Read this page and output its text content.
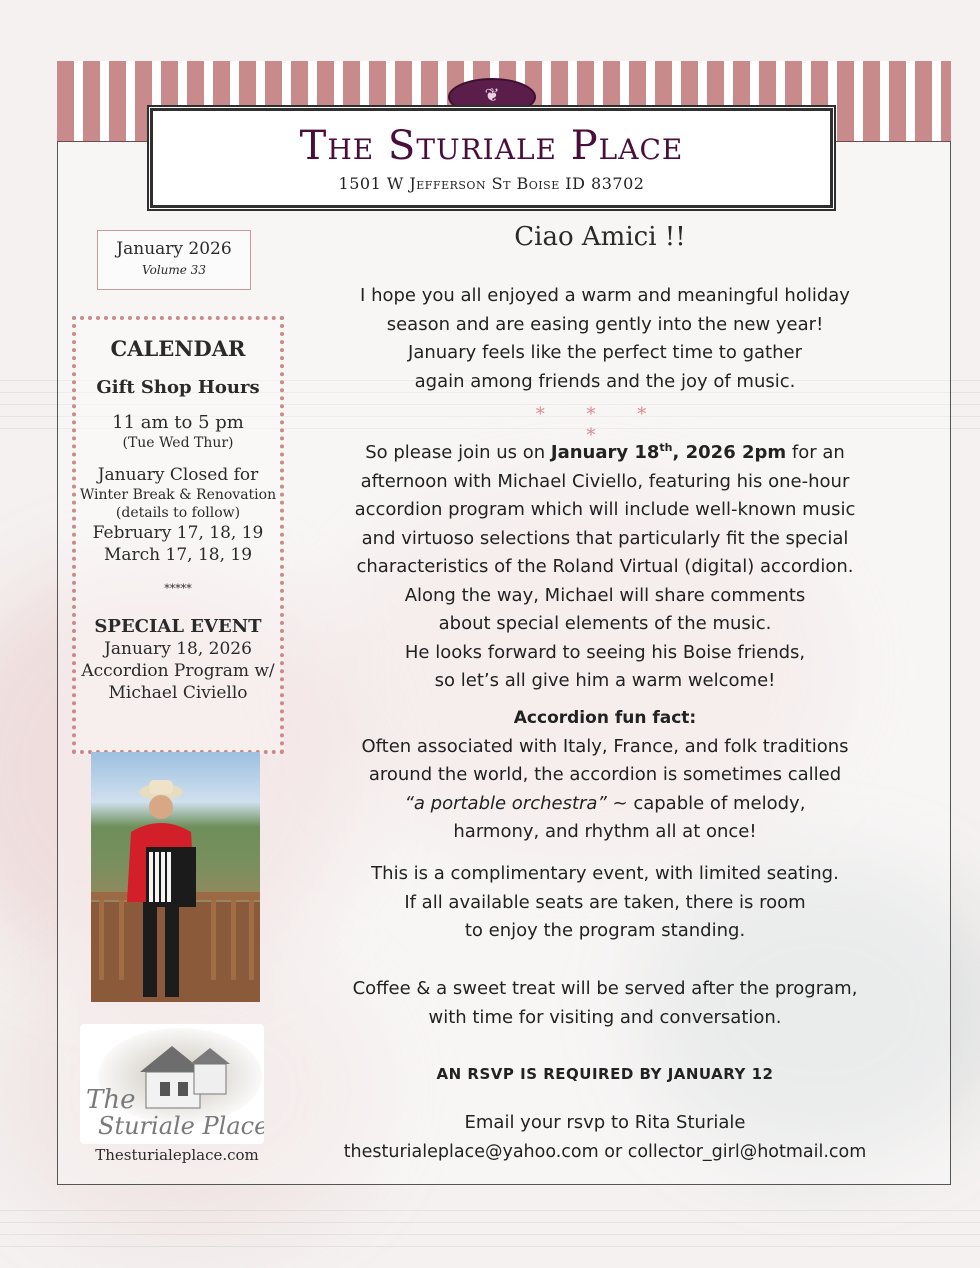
❦
The Sturiale Place
1501 W Jefferson St Boise ID 83702
January 2026
Volume 33
CALENDAR
Gift Shop Hours
11 am to 5 pm
(Tue Wed Thur)
January Closed for
Winter Break & Renovation
(details to follow)
February 17, 18, 19
March 17, 18, 19
*****
SPECIAL EVENT
January 18, 2026
Accordion Program w/
Michael Civiello
The
Sturiale Place
Thesturialeplace.com
Ciao Amici !!
I hope you all enjoyed a warm and meaningful holiday
season and are easing gently into the new year!
January feels like the perfect time to gather
again among friends and the joy of music.
* * * *
So please join us on January 18th, 2026 2pm for an
afternoon with Michael Civiello, featuring his one-hour
accordion program which will include well-known music
and virtuoso selections that particularly fit the special
characteristics of the Roland Virtual (digital) accordion.
Along the way, Michael will share comments
about special elements of the music.
He looks forward to seeing his Boise friends,
so let’s all give him a warm welcome!
Accordion fun fact:
Often associated with Italy, France, and folk traditions
around the world, the accordion is sometimes called
“a portable orchestra” ~ capable of melody,
harmony, and rhythm all at once!
This is a complimentary event, with limited seating.
If all available seats are taken, there is room
to enjoy the program standing.
Coffee & a sweet treat will be served after the program,
with time for visiting and conversation.
AN RSVP IS REQUIRED BY JANUARY 12
Email your rsvp to Rita Sturiale
thesturialeplace@yahoo.com or collector_girl@hotmail.com
